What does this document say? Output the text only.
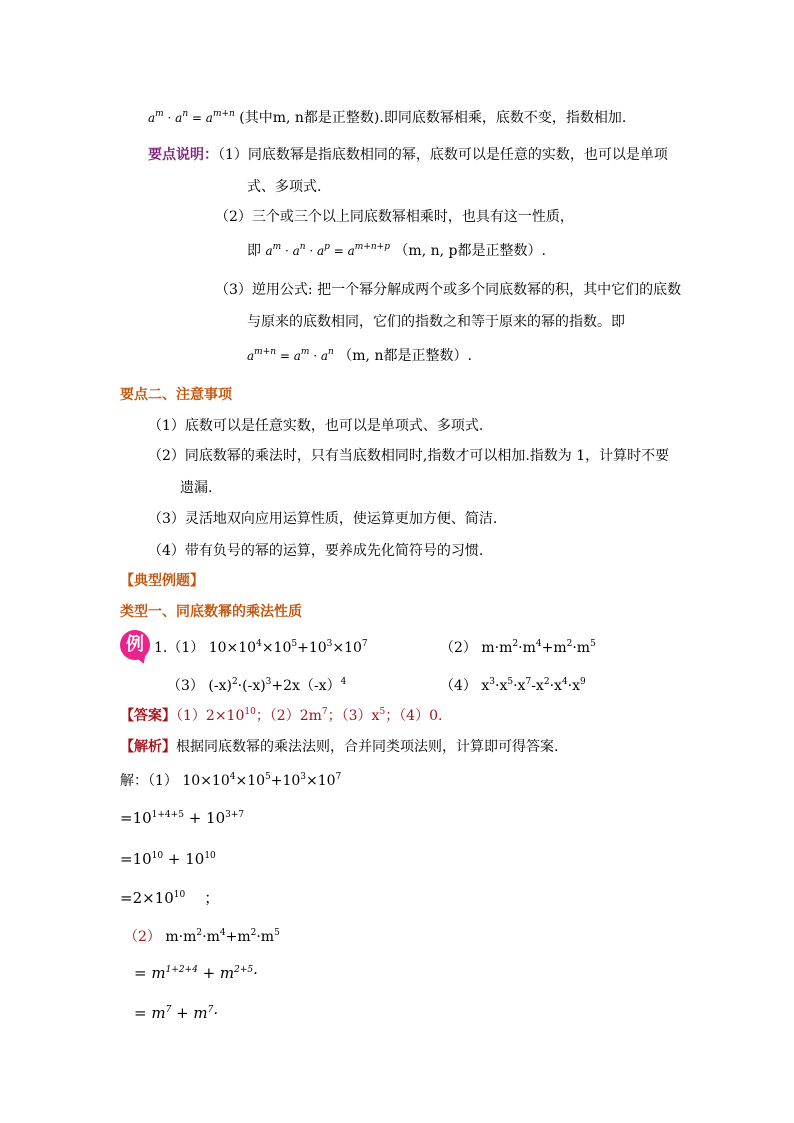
$a^m \cdot a^n = a^{m+n}$ (其中m, n都是正整数).即同底数幂相乘，底数不变，指数相加.
要点说明：（1）同底数幂是指底数相同的幂，底数可以是任意的实数，也可以是单项
式、多项式.
（2）三个或三个以上同底数幂相乘时，也具有这一性质，
即 $a^m \cdot a^n \cdot a^p = a^{m+n+p}$ （m, n, p都是正整数）.
（3）逆用公式: 把一个幂分解成两个或多个同底数幂的积，其中它们的底数
与原来的底数相同，它们的指数之和等于原来的幂的指数。即
$a^{m+n} = a^m \cdot a^n$ （m, n都是正整数）.
要点二、注意事项
（1）底数可以是任意实数，也可以是单项式、多项式.
（2）同底数幂的乘法时，只有当底数相同时,指数才可以相加.指数为 1，计算时不要
遗漏.
（3）灵活地双向应用运算性质，使运算更加方便、简洁.
（4）带有负号的幂的运算，要养成先化简符号的习惯.
【典型例题】
类型一、同底数幂的乘法性质
例 1.（1） $10\times 10^4\times 10^5+10^3\times 10^7$	（2） $m\cdot m^2\cdot m^4+m^2\cdot m^5$
（3） $(-x)^2\cdot(-x)^3+2x(-x)^4$	（4） $x^3\cdot x^5\cdot x^7-x^2\cdot x^4\cdot x^9$
【答案】$(1)2\times 10^{10}$；$(2)2m^7$；$(3)x^5$；（4）0.
【解析】根据同底数幂的乘法法则，合并同类项法则，计算即可得答案.
解：（1） $10\times 10^4\times 10^5+10^3\times 10^7$
$=10^{1+4+5} + 10^{3+7}$
$=10^{10} + 10^{10}$
$=2\times 10^{10}$    ；
（2） $m\cdot m^2\cdot m^4+m^2\cdot m^5$
= $m^{1+2+4} + m^{2+5}\cdot$
= $m^7 + m^7\cdot$
